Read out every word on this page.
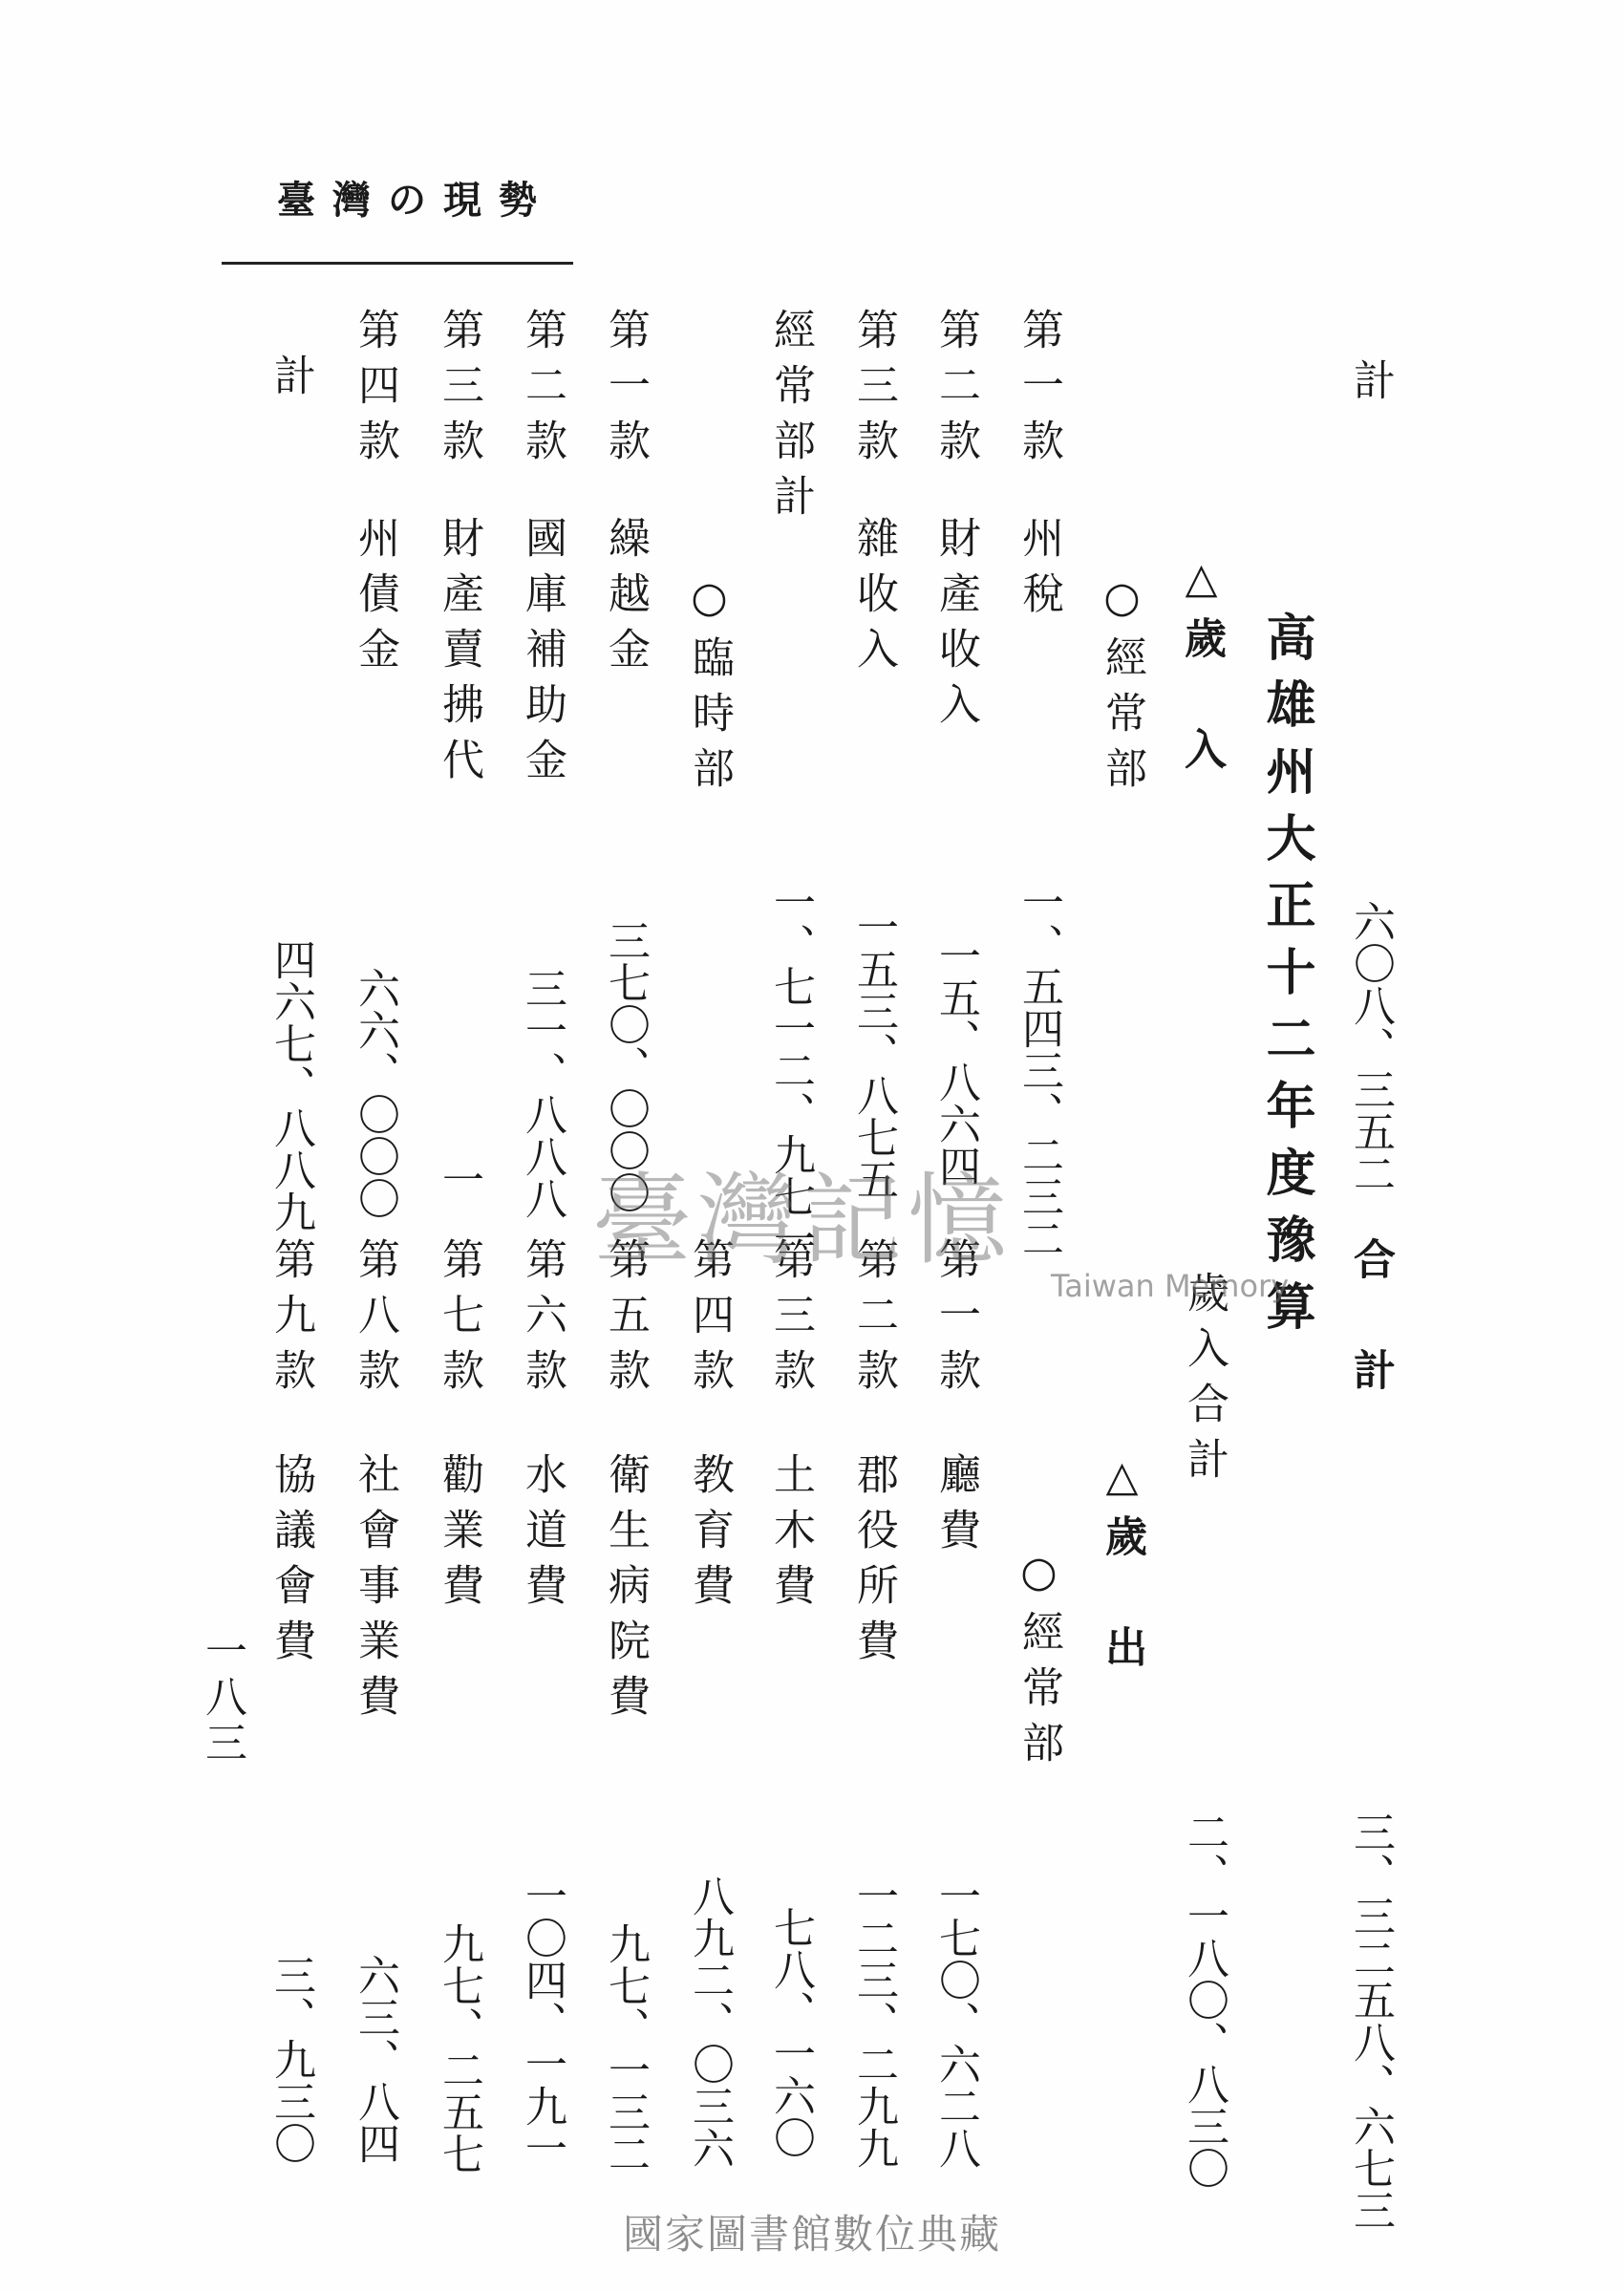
臺灣の現勢
計
高雄州大正十二年度豫算
△歲　入
○經常部
第一款
州稅
第二款
財產收入
第三款
雜收入
經常部計
○臨時部
第一款
繰越金
第二款
國庫補助金
第三款
財產賣拂代
第四款
州債金
計
六〇八、三五二
一、五四三、二三二
一五、八六四
一五三、八七五
一、七一二、九七一
三七〇、〇〇〇
三一、八八八
一
六六、〇〇〇
四六七、八八九
合　計
歲入合計
△歲　出
○經常部
第一款
廳費
第二款
郡役所費
第三款
土木費
第四款
教育費
第五款
衛生病院費
第六款
水道費
第七款
勸業費
第八款
社會事業費
第九款
協議會費
三、三二五八、六七三
二、一八〇、八三〇
一七〇、六二八
一二三、二九九
七八、一六〇
八九二、〇三六
九七、一三二
一〇四、一九一
九七、二五七
六三、八四
三、九三〇
一八三
臺灣記憶
Taiwan Memory
國家圖書館數位典藏
